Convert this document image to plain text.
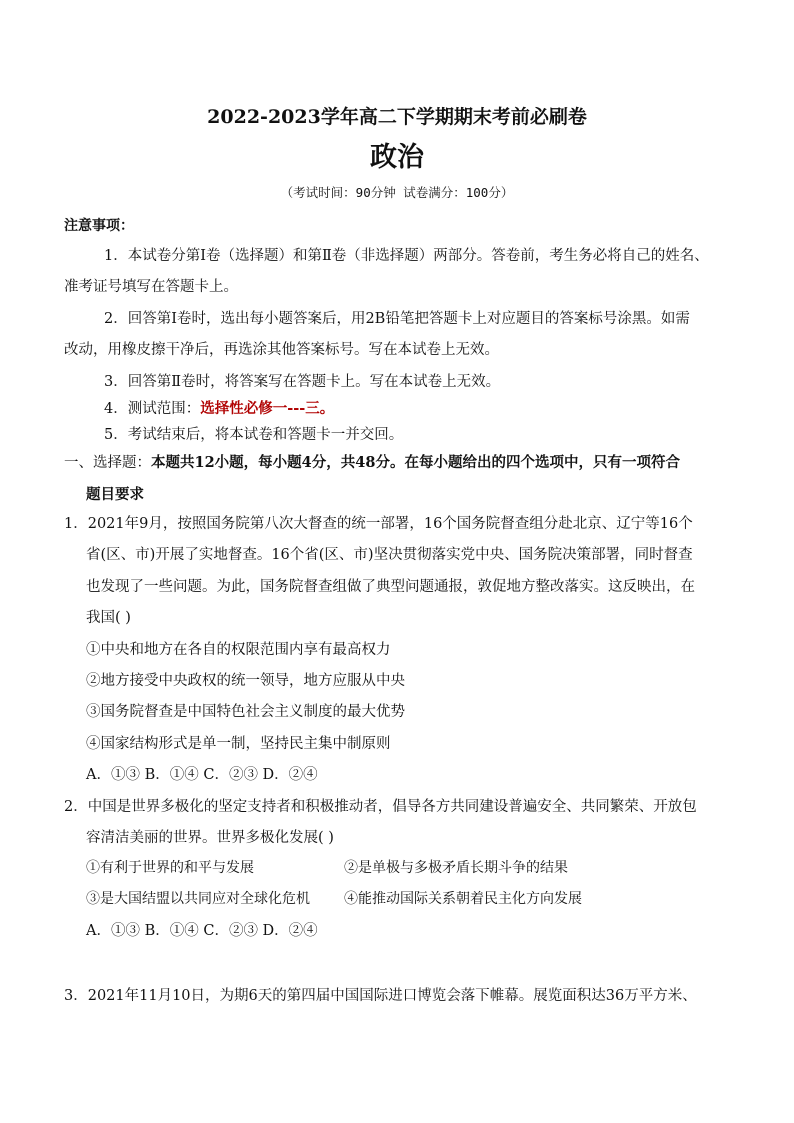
2022-2023学年高二下学期期末考前必刷卷
政治
（考试时间：90分钟 试卷满分：100分）
注意事项：
1．本试卷分第Ⅰ卷（选择题）和第Ⅱ卷（非选择题）两部分。答卷前，考生务必将自己的姓名、
准考证号填写在答题卡上。
2．回答第Ⅰ卷时，选出每小题答案后，用2B铅笔把答题卡上对应题目的答案标号涂黑。如需
改动，用橡皮擦干净后，再选涂其他答案标号。写在本试卷上无效。
3．回答第Ⅱ卷时，将答案写在答题卡上。写在本试卷上无效。
4．测试范围：选择性必修一---三。
5．考试结束后，将本试卷和答题卡一并交回。
一、选择题：本题共12小题，每小题4分，共48分。在每小题给出的四个选项中，只有一项符合
题目要求
1．2021年9月，按照国务院第八次大督查的统一部署，16个国务院督查组分赴北京、辽宁等16个
省(区、市)开展了实地督查。16个省(区、市)坚决贯彻落实党中央、国务院决策部署，同时督查
也发现了一些问题。为此，国务院督查组做了典型问题通报，敦促地方整改落实。这反映出，在
我国( )
①中央和地方在各自的权限范围内享有最高权力
②地方接受中央政权的统一领导，地方应服从中央
③国务院督查是中国特色社会主义制度的最大优势
④国家结构形式是单一制，坚持民主集中制原则
A．①③ B．①④ C．②③ D．②④
2．中国是世界多极化的坚定支持者和积极推动者，倡导各方共同建设普遍安全、共同繁荣、开放包
容清洁美丽的世界。世界多极化发展( )
①有利于世界的和平与发展	②是单极与多极矛盾长期斗争的结果
③是大国结盟以共同应对全球化危机 ④能推动国际关系朝着民主化方向发展
A．①③ B．①④ C．②③ D．②④
3．2021年11月10日，为期6天的第四届中国国际进口博览会落下帷幕。展览面积达36万平方米、
